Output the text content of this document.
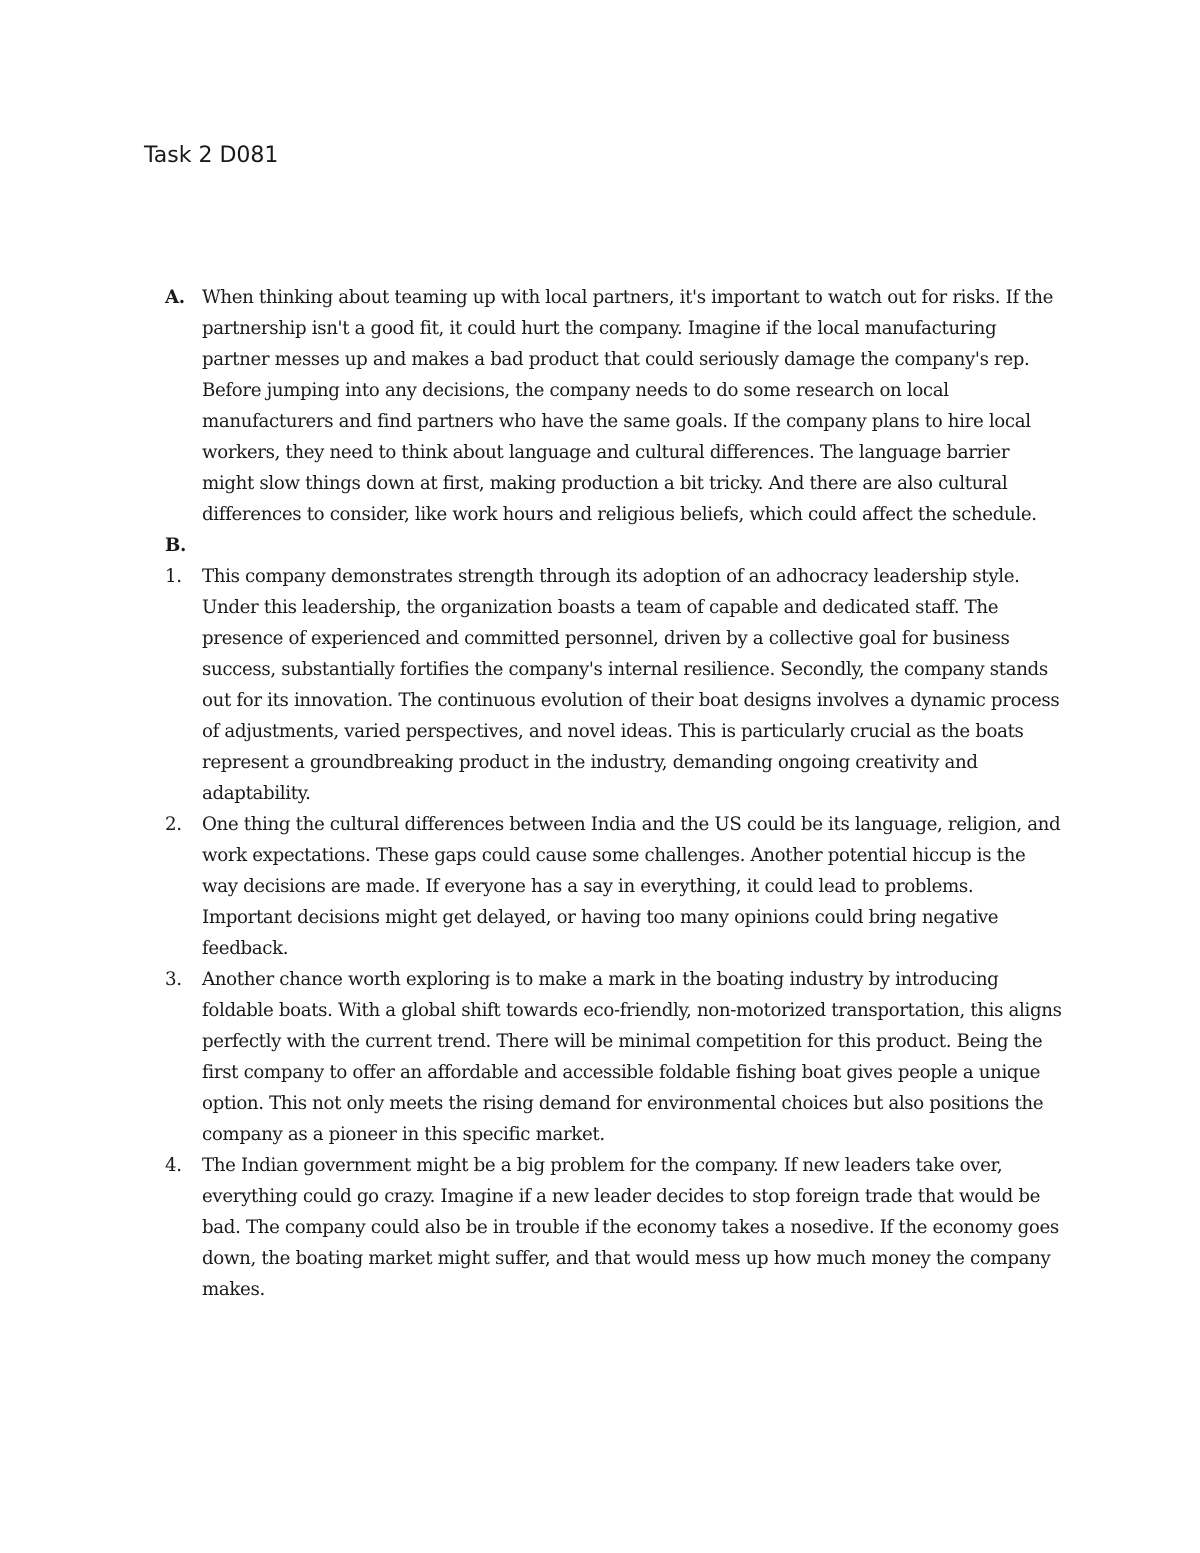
Task 2 D081
A. When thinking about teaming up with local partners, it's important to watch out for risks. If the partnership isn't a good fit, it could hurt the company. Imagine if the local manufacturing partner messes up and makes a bad product that could seriously damage the company's rep. Before jumping into any decisions, the company needs to do some research on local manufacturers and find partners who have the same goals. If the company plans to hire local workers, they need to think about language and cultural differences. The language barrier might slow things down at first, making production a bit tricky. And there are also cultural differences to consider, like work hours and religious beliefs, which could affect the schedule.

B.
1. This company demonstrates strength through its adoption of an adhocracy leadership style. Under this leadership, the organization boasts a team of capable and dedicated staff. The presence of experienced and committed personnel, driven by a collective goal for business success, substantially fortifies the company's internal resilience. Secondly, the company stands out for its innovation. The continuous evolution of their boat designs involves a dynamic process of adjustments, varied perspectives, and novel ideas. This is particularly crucial as the boats represent a groundbreaking product in the industry, demanding ongoing creativity and adaptability.

2. One thing the cultural differences between India and the US could be its language, religion, and work expectations. These gaps could cause some challenges. Another potential hiccup is the way decisions are made. If everyone has a say in everything, it could lead to problems. Important decisions might get delayed, or having too many opinions could bring negative feedback.

3. Another chance worth exploring is to make a mark in the boating industry by introducing foldable boats. With a global shift towards eco-friendly, non-motorized transportation, this aligns perfectly with the current trend. There will be minimal competition for this product. Being the first company to offer an affordable and accessible foldable fishing boat gives people a unique option. This not only meets the rising demand for environmental choices but also positions the company as a pioneer in this specific market.

4. The Indian government might be a big problem for the company. If new leaders take over, everything could go crazy. Imagine if a new leader decides to stop foreign trade that would be bad. The company could also be in trouble if the economy takes a nosedive. If the economy goes down, the boating market might suffer, and that would mess up how much money the company makes.
